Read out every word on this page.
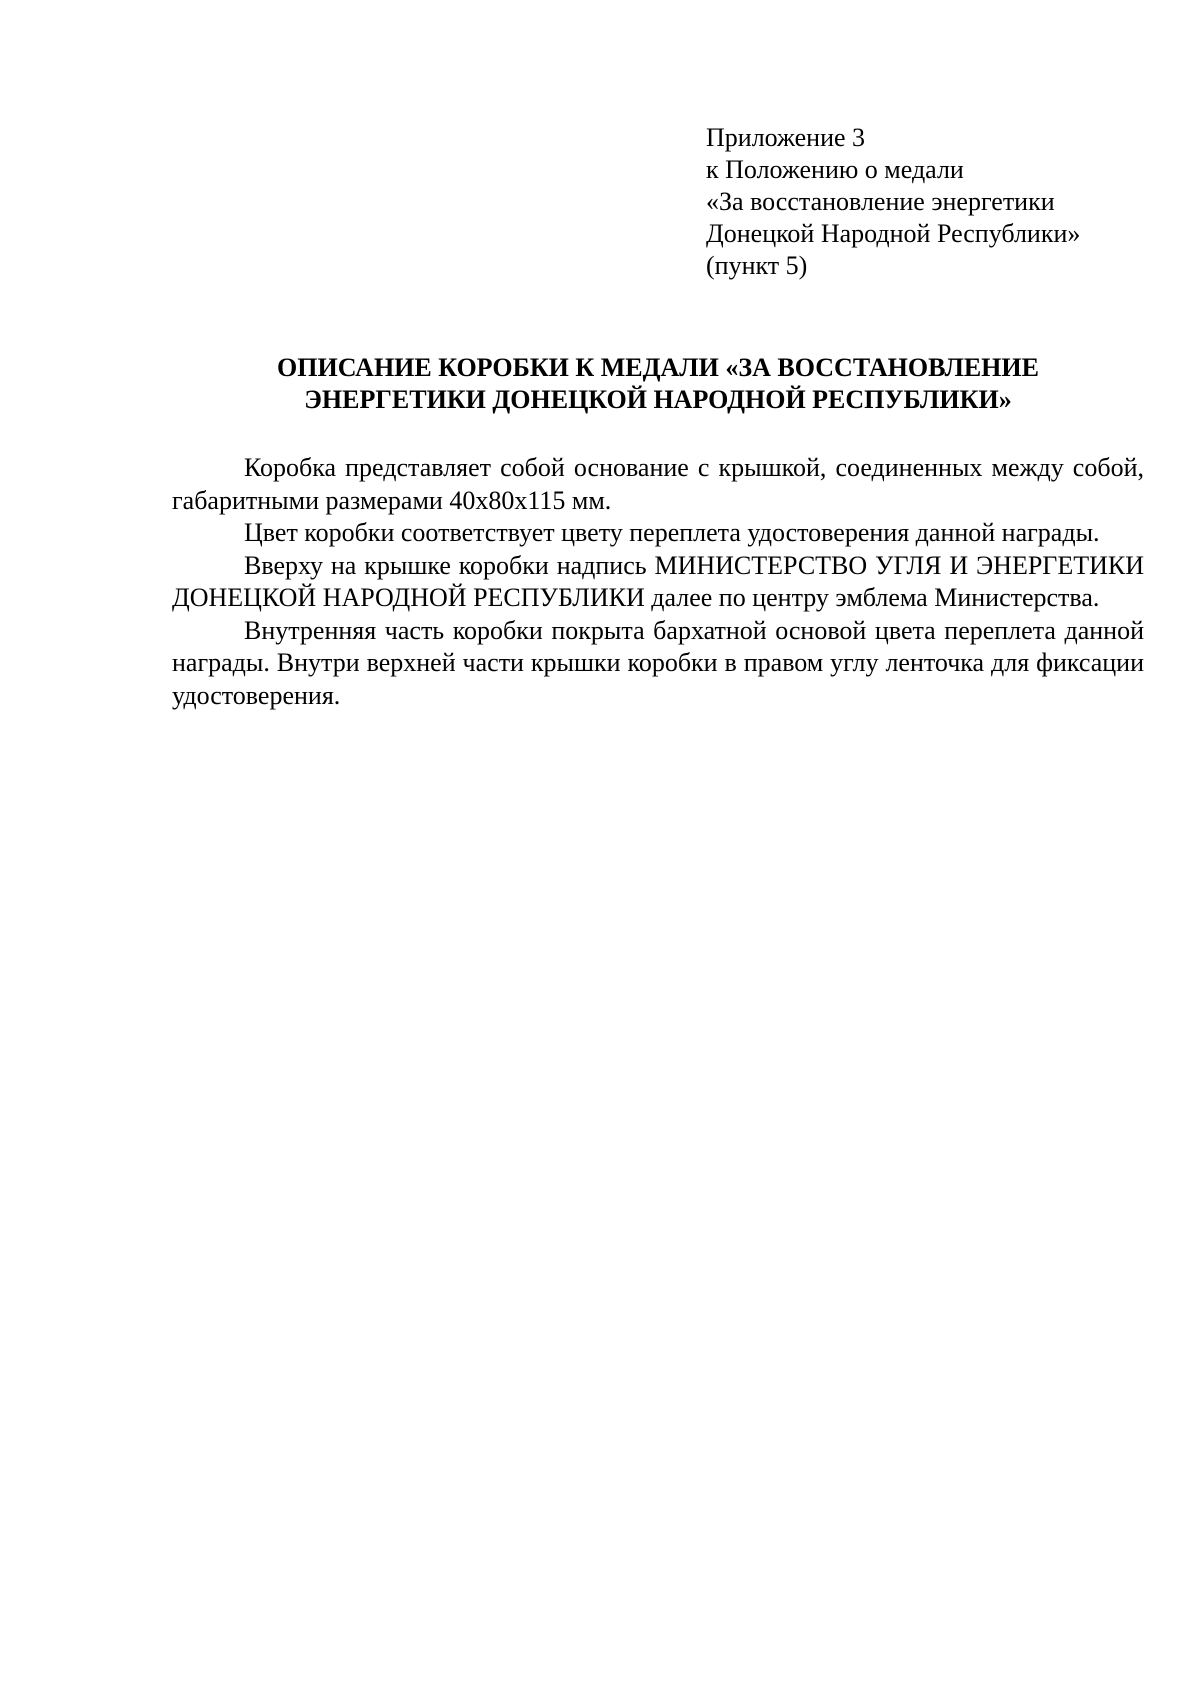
Приложение 3
к Положению о медали
«За восстановление энергетики
Донецкой Народной Республики»
(пункт 5)
ОПИСАНИЕ КОРОБКИ К МЕДАЛИ «ЗА ВОССТАНОВЛЕНИЕ
ЭНЕРГЕТИКИ ДОНЕЦКОЙ НАРОДНОЙ РЕСПУБЛИКИ»

Коробка представляет собой основание с крышкой, соединенных между собой, габаритными размерами 40х80х115 мм.

Цвет коробки соответствует цвету переплета удостоверения данной награды.

Вверху на крышке коробки надпись МИНИСТЕРСТВО УГЛЯ И ЭНЕРГЕТИКИ ДОНЕЦКОЙ НАРОДНОЙ РЕСПУБЛИКИ далее по центру эмблема Министерства.

Внутренняя часть коробки покрыта бархатной основой цвета переплета данной награды. Внутри верхней части крышки коробки в правом углу ленточка для фиксации удостоверения.
